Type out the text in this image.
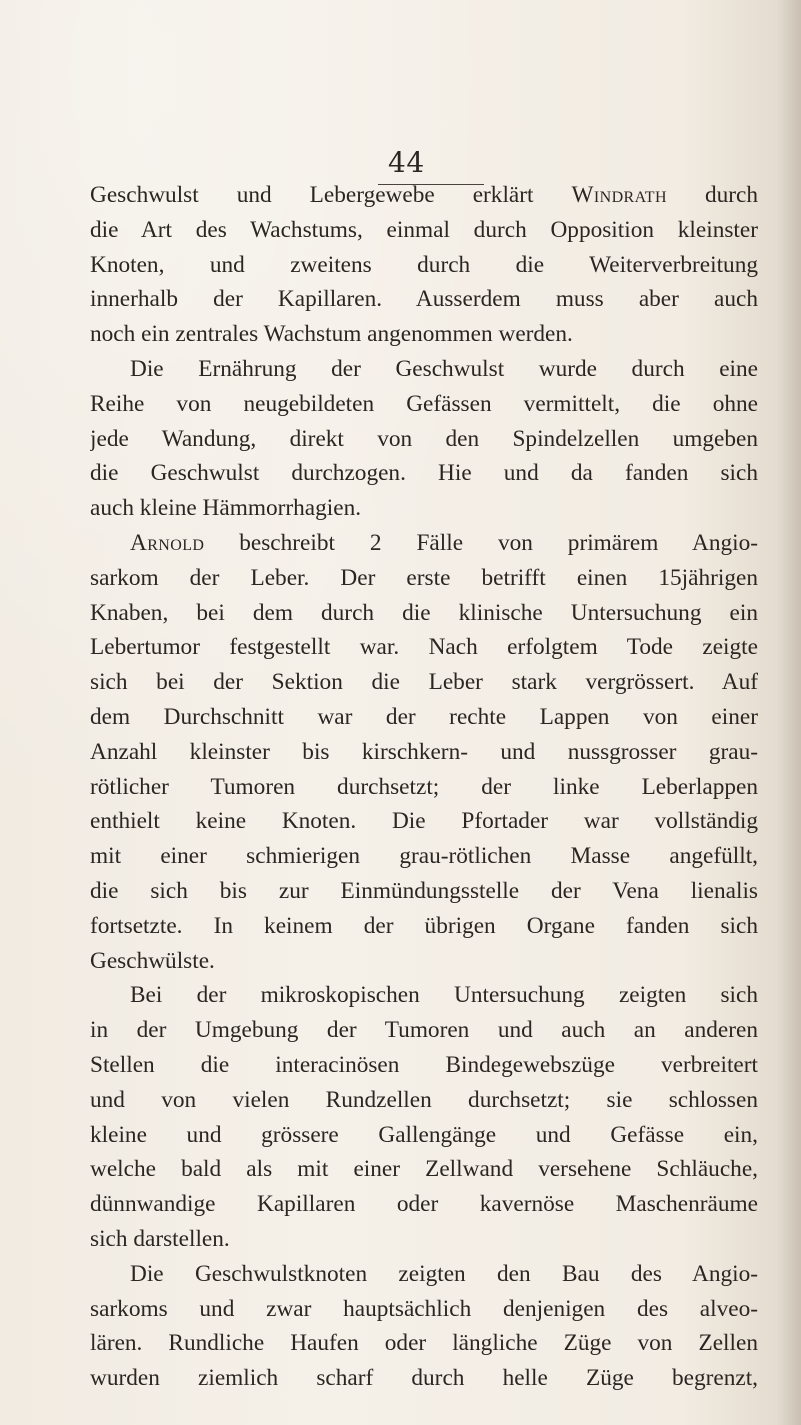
44
Geschwulst und Lebergewebe erklärt Windrath durch
die Art des Wachstums, einmal durch Opposition kleinster
Knoten, und zweitens durch die Weiterverbreitung
innerhalb der Kapillaren. Ausserdem muss aber auch
noch ein zentrales Wachstum angenommen werden.
Die Ernährung der Geschwulst wurde durch eine
Reihe von neugebildeten Gefässen vermittelt, die ohne
jede Wandung, direkt von den Spindelzellen umgeben
die Geschwulst durchzogen. Hie und da fanden sich
auch kleine Hämmorrhagien.
Arnold beschreibt 2 Fälle von primärem Angio-
sarkom der Leber. Der erste betrifft einen 15jährigen
Knaben, bei dem durch die klinische Untersuchung ein
Lebertumor festgestellt war. Nach erfolgtem Tode zeigte
sich bei der Sektion die Leber stark vergrössert. Auf
dem Durchschnitt war der rechte Lappen von einer
Anzahl kleinster bis kirschkern- und nussgrosser grau-
rötlicher Tumoren durchsetzt; der linke Leberlappen
enthielt keine Knoten. Die Pfortader war vollständig
mit einer schmierigen grau-rötlichen Masse angefüllt,
die sich bis zur Einmündungsstelle der Vena lienalis
fortsetzte. In keinem der übrigen Organe fanden sich
Geschwülste.
Bei der mikroskopischen Untersuchung zeigten sich
in der Umgebung der Tumoren und auch an anderen
Stellen die interacinösen Bindegewebszüge verbreitert
und von vielen Rundzellen durchsetzt; sie schlossen
kleine und grössere Gallengänge und Gefässe ein,
welche bald als mit einer Zellwand versehene Schläuche,
dünnwandige Kapillaren oder kavernöse Maschenräume
sich darstellen.
Die Geschwulstknoten zeigten den Bau des Angio-
sarkoms und zwar hauptsächlich denjenigen des alveo-
lären. Rundliche Haufen oder längliche Züge von Zellen
wurden ziemlich scharf durch helle Züge begrenzt,
